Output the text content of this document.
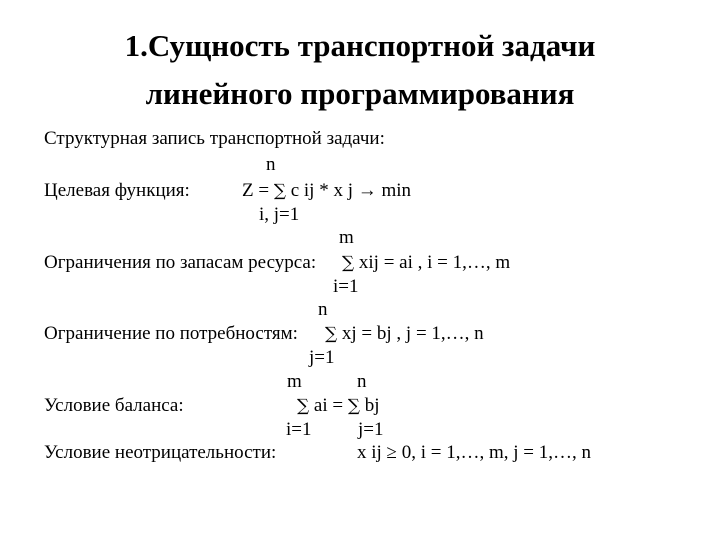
1.Сущность транспортной задачи
линейного программирования
Структурная запись транспортной задачи:
n
Целевая функция:	Z = ∑ c ij * x j → min
i, j=1
m
Ограничения по запасам ресурса: ∑ xij = ai , i = 1,…, m
i=1
n
Ограничение по потребностям: ∑ xj = bj , j = 1,…, n
j=1
m	n
Условие баланса:	∑ ai = ∑ bj
i=1 j=1
Условие неотрицательности:	x ij ≥ 0, i = 1,…, m, j = 1,…, n
